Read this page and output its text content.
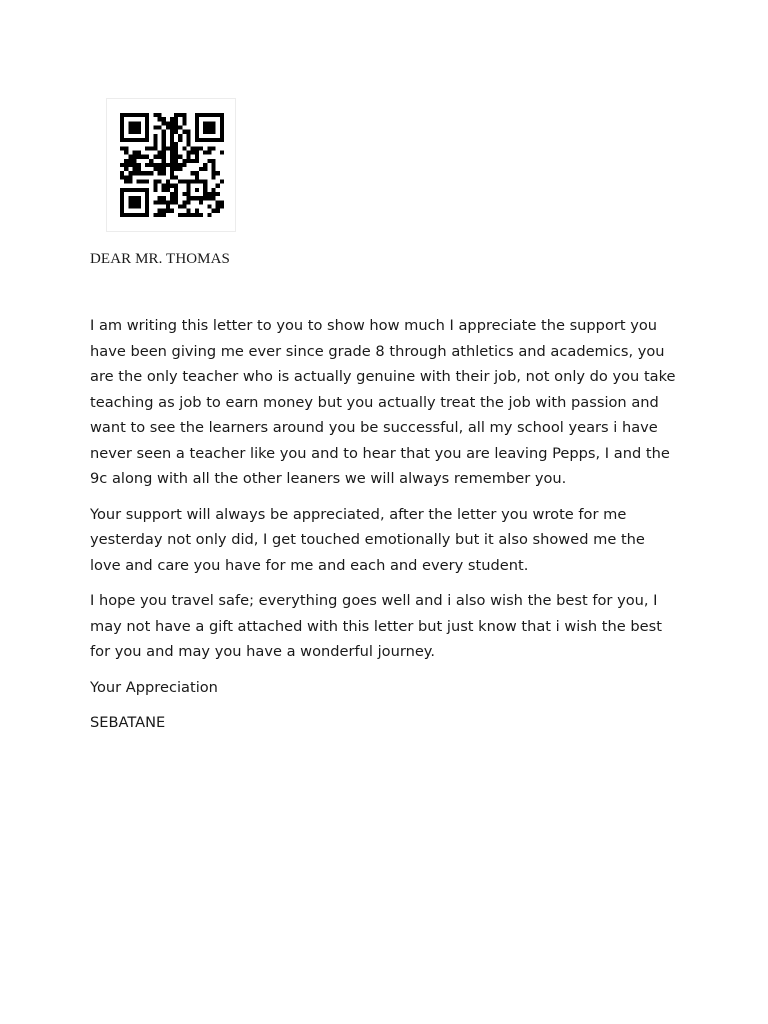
DEAR MR. THOMAS

I am writing this letter to you to show how much I appreciate the support you have been giving me ever since grade 8 through athletics and academics, you are the only teacher who is actually genuine with their job, not only do you take teaching as job to earn money but you actually treat the job with passion and want to see the learners around you be successful, all my school years i have never seen a teacher like you and to hear that you are leaving Pepps, I and the 9c along with all the other leaners we will always remember you.

Your support will always be appreciated, after the letter you wrote for me yesterday not only did, I get touched emotionally but it also showed me the love and care you have for me and each and every student.

I hope you travel safe; everything goes well and i also wish the best for you, I may not have a gift attached with this letter but just know that i wish the best for you and may you have a wonderful journey.

Your Appreciation

SEBATANE
